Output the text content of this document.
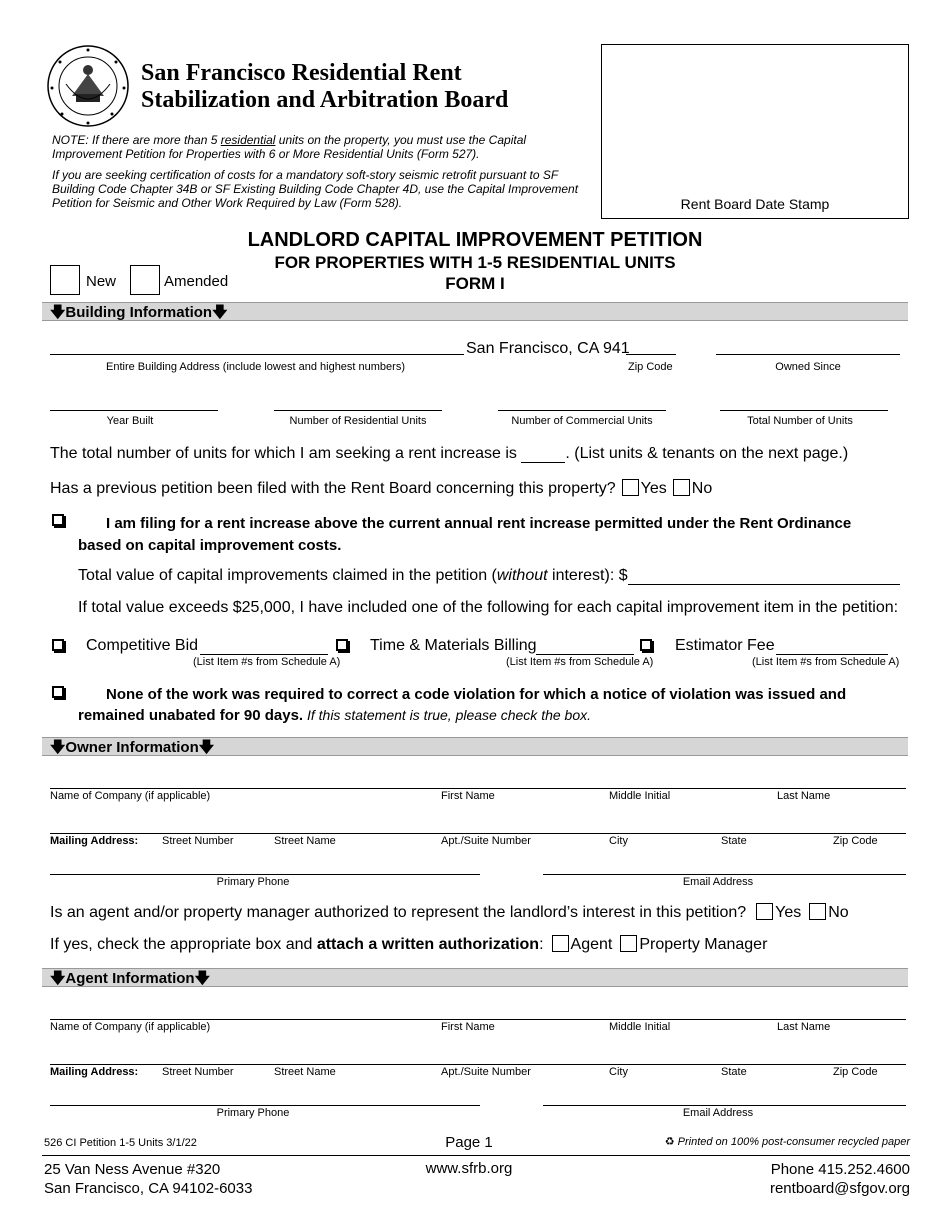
San Francisco Residential Rent
Stabilization and Arbitration Board
NOTE: If there are more than 5 residential units on the property, you must use the Capital Improvement Petition for Properties with 6 or More Residential Units (Form 527).
If you are seeking certification of costs for a mandatory soft-story seismic retrofit pursuant to SF Building Code Chapter 34B or SF Existing Building Code Chapter 4D, use the Capital Improvement Petition for Seismic and Other Work Required by Law (Form 528).	Rent Board Date Stamp
LANDLORD CAPITAL IMPROVEMENT PETITION
FOR PROPERTIES WITH 1-5 RESIDENTIAL UNITS
FORM I
New	Amended
🡇Building Information🡇
San Francisco, CA 941
Entire Building Address (include lowest and highest numbers)	Zip Code	Owned Since
Year Built	Number of Residential Units	Number of Commercial Units	Total Number of Units
The total number of units for which I am seeking a rent increase is	. (List units & tenants on the next page.)
Has a previous petition been filed with the Rent Board concerning this property? Yes No
I am filing for a rent increase above the current annual rent increase permitted under the Rent Ordinance based on capital improvement costs.
Total value of capital improvements claimed in the petition (without interest): $
If total value exceeds $25,000, I have included one of the following for each capital improvement item in the petition:
Competitive Bid
(List Item #s from Schedule A)
Time & Materials Billing
(List Item #s from Schedule A)
Estimator Fee
(List Item #s from Schedule A)
None of the work was required to correct a code violation for which a notice of violation was issued and remained unabated for 90 days. If this statement is true, please check the box.
🡇Owner Information🡇
Name of Company (if applicable)	First Name	Middle Initial	Last Name
Mailing Address: Street Number	Street Name	Apt./Suite Number	City	State	Zip Code
Primary Phone	Email Address
Is an agent and/or property manager authorized to represent the landlord’s interest in this petition? Yes No
If yes, check the appropriate box and attach a written authorization: Agent Property Manager
🡇Agent Information🡇
Name of Company (if applicable)	First Name	Middle Initial	Last Name
Mailing Address: Street Number	Street Name	Apt./Suite Number	City	State	Zip Code
Primary Phone	Email Address
526 CI Petition 1-5 Units 3/1/22	Page 1	♻ Printed on 100% post-consumer recycled paper
25 Van Ness Avenue #320
San Francisco, CA 94102-6033
www.sfrb.org	Phone 415.252.4600
rentboard@sfgov.org
